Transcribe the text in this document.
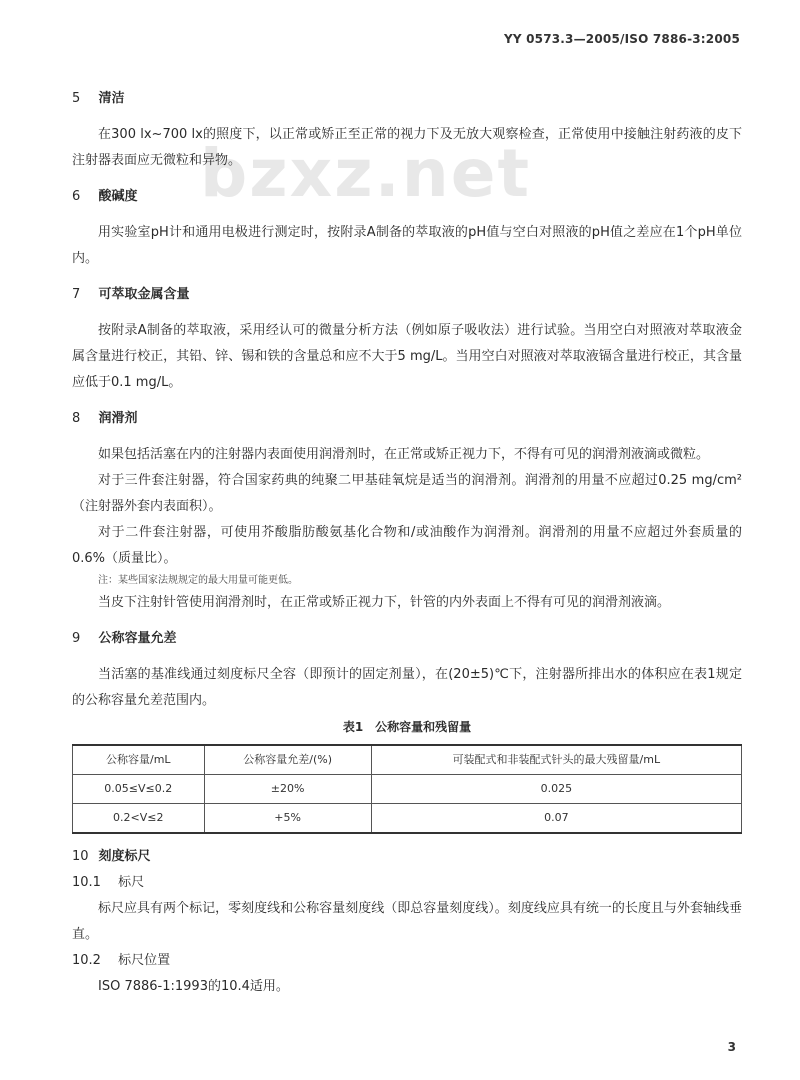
YY 0573.3—2005/ISO 7886-3:2005
bzxz.net

5 清洁

在300 lx~700 lx的照度下，以正常或矫正至正常的视力下及无放大观察检查，正常使用中接触注射药液的皮下注射器表面应无微粒和异物。

6 酸碱度

用实验室pH计和通用电极进行测定时，按附录A制备的萃取液的pH值与空白对照液的pH值之差应在1个pH单位内。

7 可萃取金属含量

按附录A制备的萃取液，采用经认可的微量分析方法（例如原子吸收法）进行试验。当用空白对照液对萃取液金属含量进行校正，其铅、锌、锡和铁的含量总和应不大于5 mg/L。当用空白对照液对萃取液镉含量进行校正，其含量应低于0.1 mg/L。

8 润滑剂

如果包括活塞在内的注射器内表面使用润滑剂时，在正常或矫正视力下，不得有可见的润滑剂液滴或微粒。

对于三件套注射器，符合国家药典的纯聚二甲基硅氧烷是适当的润滑剂。润滑剂的用量不应超过0.25 mg/cm²（注射器外套内表面积）。

对于二件套注射器，可使用芥酸脂肪酸氨基化合物和/或油酸作为润滑剂。润滑剂的用量不应超过外套质量的0.6%（质量比）。

注：某些国家法规规定的最大用量可能更低。

当皮下注射针管使用润滑剂时，在正常或矫正视力下，针管的内外表面上不得有可见的润滑剂液滴。

9 公称容量允差

当活塞的基准线通过刻度标尺全容（即预计的固定剂量），在(20±5)℃下，注射器所排出水的体积应在表1规定的公称容量允差范围内。

表1　公称容量和残留量

公称容量/mL	公称容量允差/(%)	可装配式和非装配式针头的最大残留量/mL
0.05≤V≤0.2	±20%	0.025
0.2<V≤2	+5%	0.07

10 刻度标尺

10.1 标尺

标尺应具有两个标记，零刻度线和公称容量刻度线（即总容量刻度线）。刻度线应具有统一的长度且与外套轴线垂直。

10.2 标尺位置

ISO 7886-1:1993的10.4适用。

3
